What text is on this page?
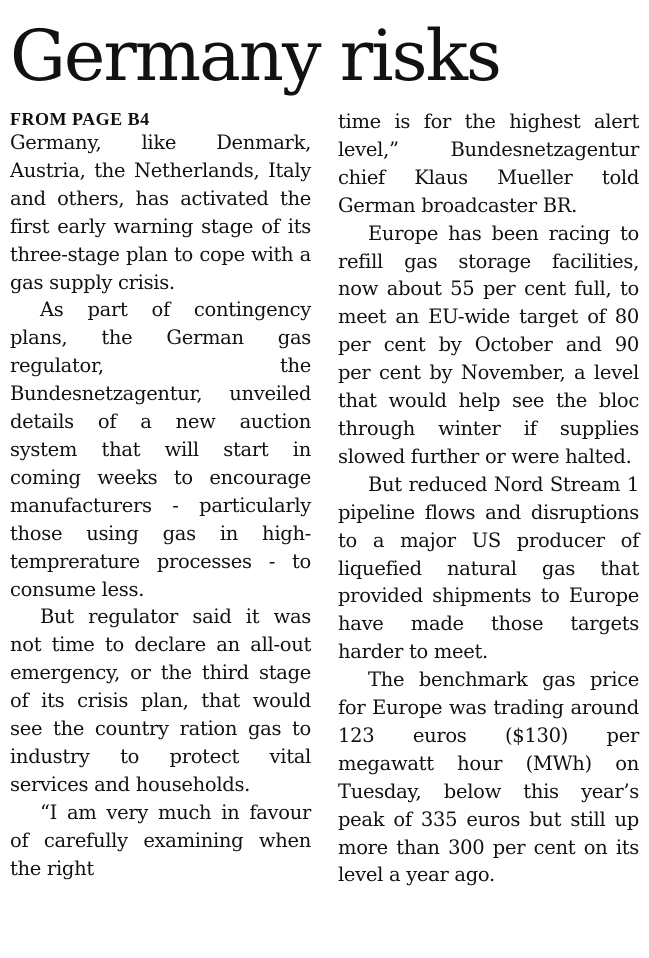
Germany risks
FROM PAGE B4

Germany, like Denmark, Austria, the Netherlands, Italy and others, has activated the first early warning stage of its three-stage plan to cope with a gas supply crisis.

As part of contingency plans, the German gas regulator, the Bundesnetzagentur, unveiled details of a new auction system that will start in coming weeks to encourage manufacturers - particularly those using gas in high-temprerature processes - to consume less.

But regulator said it was not time to declare an all-out emergency, or the third stage of its crisis plan, that would see the country ration gas to industry to protect vital services and households.

“I am very much in favour of carefully examining when the right

time is for the highest alert level,” Bundesnetzagentur chief Klaus Mueller told German broadcaster BR.

Europe has been racing to refill gas storage facilities, now about 55 per cent full, to meet an EU-wide target of 80 per cent by October and 90 per cent by November, a level that would help see the bloc through winter if supplies slowed further or were halted.

But reduced Nord Stream 1 pipeline flows and disruptions to a major US producer of liquefied natural gas that provided shipments to Europe have made those targets harder to meet.

The benchmark gas price for Europe was trading around 123 euros ($130) per megawatt hour (MWh) on Tuesday, below this year’s peak of 335 euros but still up more than 300 per cent on its level a year ago.
